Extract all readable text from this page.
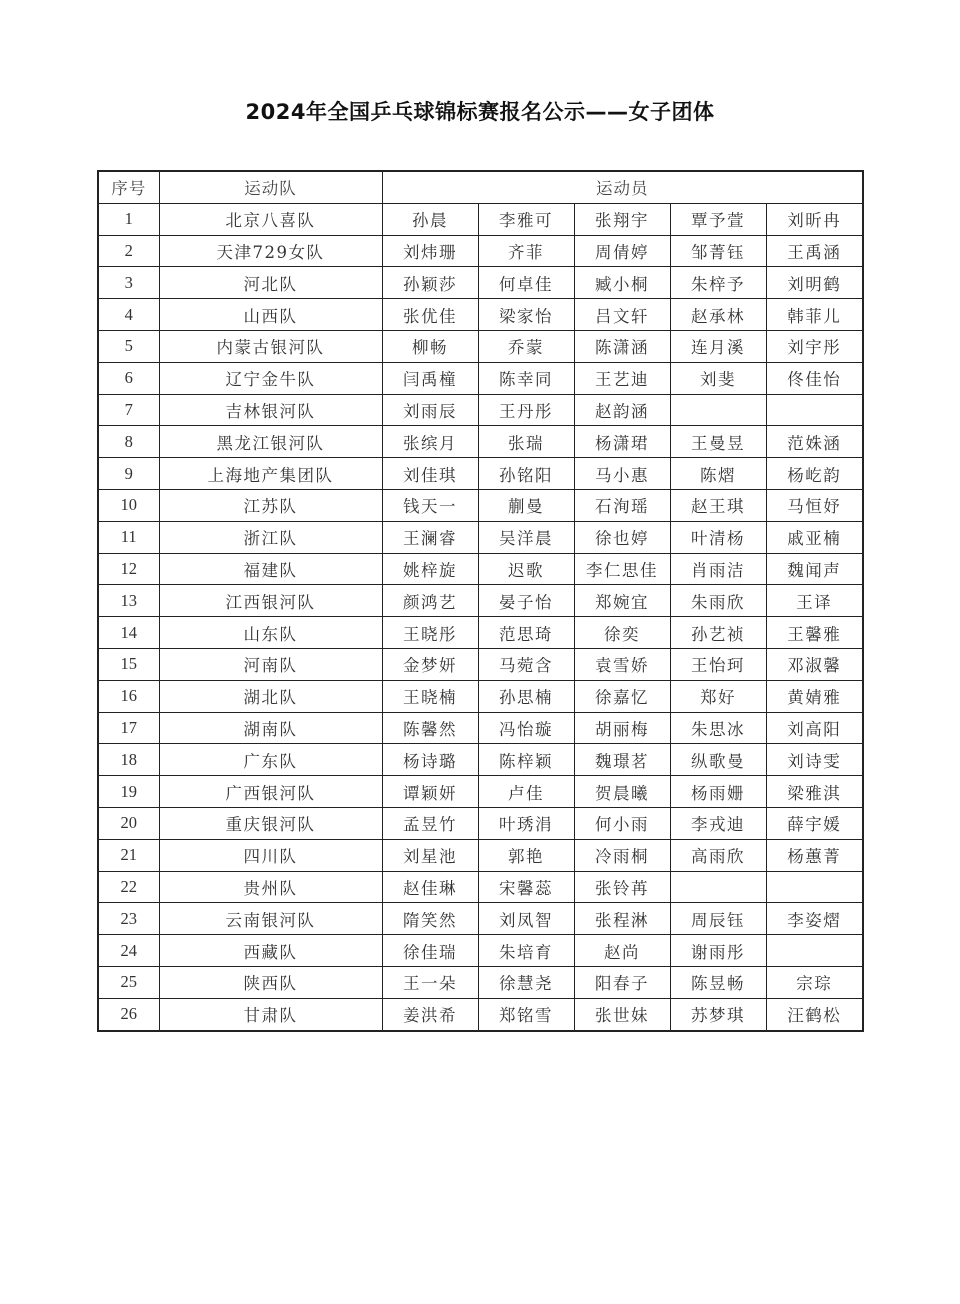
2024年全国乒乓球锦标赛报名公示——女子团体
序号	运动队	运动员				
1	北京八喜队	孙晨	李雅可	张翔宇	覃予萱	刘昕冉
2	天津729女队	刘炜珊	齐菲	周倩婷	邹菁钰	王禹涵
3	河北队	孙颖莎	何卓佳	臧小桐	朱梓予	刘明鹤
4	山西队	张优佳	梁家怡	吕文轩	赵承林	韩菲儿
5	内蒙古银河队	柳畅	乔蒙	陈潇涵	连月溪	刘宇彤
6	辽宁金牛队	闫禹橦	陈幸同	王艺迪	刘斐	佟佳怡
7	吉林银河队	刘雨辰	王丹彤	赵韵涵		
8	黑龙江银河队	张缤月	张瑞	杨潇珺	王曼昱	范姝涵
9	上海地产集团队	刘佳琪	孙铭阳	马小惠	陈熠	杨屹韵
10	江苏队	钱天一	蒯曼	石洵瑶	赵王琪	马恒妤
11	浙江队	王澜睿	吴洋晨	徐也婷	叶清杨	戚亚楠
12	福建队	姚梓旋	迟歌	李仁思佳	肖雨洁	魏闻声
13	江西银河队	颜鸿艺	晏子怡	郑婉宜	朱雨欣	王译
14	山东队	王晓彤	范思琦	徐奕	孙艺祯	王馨雅
15	河南队	金梦妍	马菀含	袁雪娇	王怡珂	邓淑馨
16	湖北队	王晓楠	孙思楠	徐嘉忆	郑好	黄婧雅
17	湖南队	陈馨然	冯怡璇	胡丽梅	朱思冰	刘高阳
18	广东队	杨诗璐	陈梓颖	魏璟茗	纵歌曼	刘诗雯
19	广西银河队	谭颖妍	卢佳	贺晨曦	杨雨姗	梁雅淇
20	重庆银河队	孟昱竹	叶琇涓	何小雨	李戎迪	薛宇媛
21	四川队	刘星池	郭艳	冷雨桐	高雨欣	杨蕙菁
22	贵州队	赵佳琳	宋馨蕊	张铃苒		
23	云南银河队	隋笑然	刘凤智	张程淋	周辰钰	李姿熠
24	西藏队	徐佳瑞	朱培育	赵尚	谢雨彤	
25	陕西队	王一朵	徐慧尧	阳春子	陈昱畅	宗琮
26	甘肃队	姜洪希	郑铭雪	张世妹	苏梦琪	汪鹤松
